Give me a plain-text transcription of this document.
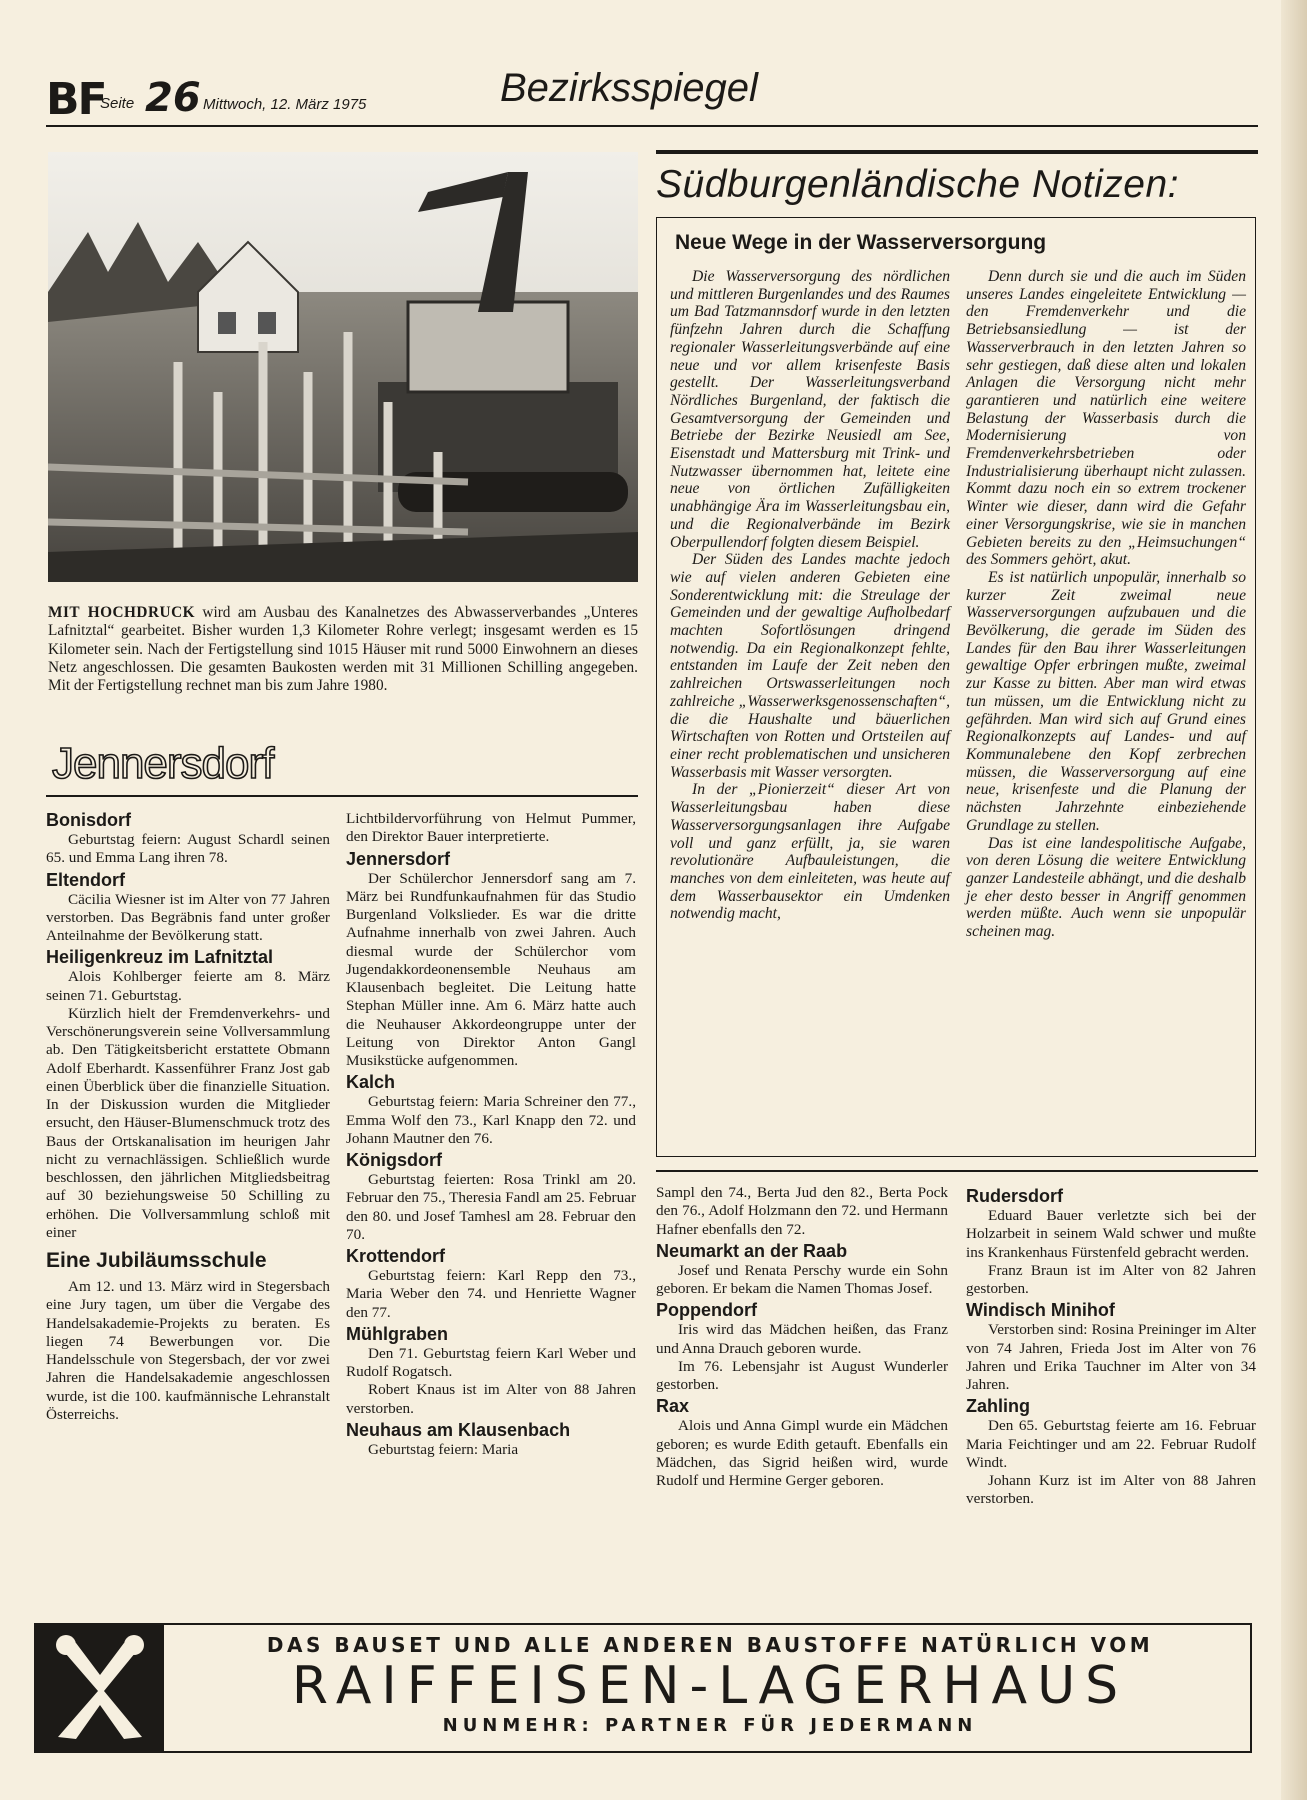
BF
Seite 26 Mittwoch, 12. März 1975	Bezirksspiegel
MIT HOCHDRUCK wird am Ausbau des Kanalnetzes des Abwasserverbandes „Unteres Lafnitztal“ gearbeitet. Bisher wurden 1,3 Kilometer Rohre verlegt; insgesamt werden es 15 Kilometer sein. Nach der Fertigstellung sind 1015 Häuser mit rund 5000 Einwohnern an dieses Netz angeschlossen. Die gesamten Baukosten werden mit 31 Millionen Schilling angegeben. Mit der Fertigstellung rechnet man bis zum Jahre 1980.
Jennersdorf
Bonisdorf

Geburtstag feiern: August Schardl seinen 65. und Emma Lang ihren 78.

Eltendorf

Cäcilia Wiesner ist im Alter von 77 Jahren verstorben. Das Begräbnis fand unter großer Anteilnahme der Bevölkerung statt.

Heiligenkreuz im Lafnitztal

Alois Kohlberger feierte am 8. März seinen 71. Geburtstag.

Kürzlich hielt der Fremdenverkehrs- und Verschönerungsverein seine Vollversammlung ab. Den Tätigkeitsbericht erstattete Obmann Adolf Eberhardt. Kassenführer Franz Jost gab einen Überblick über die finanzielle Situation. In der Diskussion wurden die Mitglieder ersucht, den Häuser-Blumenschmuck trotz des Baus der Ortskanalisation im heurigen Jahr nicht zu vernachlässigen. Schließlich wurde beschlossen, den jährlichen Mitgliedsbeitrag auf 30 beziehungsweise 50 Schilling zu erhöhen. Die Vollversammlung schloß mit einer

Eine Jubiläumsschule

Am 12. und 13. März wird in Stegersbach eine Jury tagen, um über die Vergabe des Handelsakademie-Projekts zu beraten. Es liegen 74 Bewerbungen vor. Die Handelsschule von Stegersbach, der vor zwei Jahren die Handelsakademie angeschlossen wurde, ist die 100. kaufmännische Lehranstalt Österreichs.

Lichtbildervorführung von Helmut Pummer, den Direktor Bauer interpretierte.

Jennersdorf

Der Schülerchor Jennersdorf sang am 7. März bei Rundfunkaufnahmen für das Studio Burgenland Volkslieder. Es war die dritte Aufnahme innerhalb von zwei Jahren. Auch diesmal wurde der Schülerchor vom Jugendakkordeonensemble Neuhaus am Klausenbach begleitet. Die Leitung hatte Stephan Müller inne. Am 6. März hatte auch die Neuhauser Akkordeongruppe unter der Leitung von Direktor Anton Gangl Musikstücke aufgenommen.

Kalch

Geburtstag feiern: Maria Schreiner den 77., Emma Wolf den 73., Karl Knapp den 72. und Johann Mautner den 76.

Königsdorf

Geburtstag feierten: Rosa Trinkl am 20. Februar den 75., Theresia Fandl am 25. Februar den 80. und Josef Tamhesl am 28. Februar den 70.

Krottendorf

Geburtstag feiern: Karl Repp den 73., Maria Weber den 74. und Henriette Wagner den 77.

Mühlgraben

Den 71. Geburtstag feiern Karl Weber und Rudolf Rogatsch.

Robert Knaus ist im Alter von 88 Jahren verstorben.

Neuhaus am Klausenbach

Geburtstag feiern: Maria

Südburgenländische Notizen:
Neue Wege in der Wasserversorgung

Die Wasserversorgung des nördlichen und mittleren Burgenlandes und des Raumes um Bad Tatzmannsdorf wurde in den letzten fünfzehn Jahren durch die Schaffung regionaler Wasserleitungsverbände auf eine neue und vor allem krisenfeste Basis gestellt. Der Wasserleitungsverband Nördliches Burgenland, der faktisch die Gesamtversorgung der Gemeinden und Betriebe der Bezirke Neusiedl am See, Eisenstadt und Mattersburg mit Trink- und Nutzwasser übernommen hat, leitete eine neue von örtlichen Zufälligkeiten unabhängige Ära im Wasserleitungsbau ein, und die Regionalverbände im Bezirk Oberpullendorf folgten diesem Beispiel.

Der Süden des Landes machte jedoch wie auf vielen anderen Gebieten eine Sonderentwicklung mit: die Streulage der Gemeinden und der gewaltige Aufholbedarf machten Sofortlösungen dringend notwendig. Da ein Regionalkonzept fehlte, entstanden im Laufe der Zeit neben den zahlreichen Ortswasserleitungen noch zahlreiche „Wasserwerksgenossenschaften“, die die Haushalte und bäuerlichen Wirtschaften von Rotten und Ortsteilen auf einer recht problematischen und unsicheren Wasserbasis mit Wasser versorgten.

In der „Pionierzeit“ dieser Art von Wasserleitungsbau haben diese Wasserversorgungsanlagen ihre Aufgabe voll und ganz erfüllt, ja, sie waren revolutionäre Aufbauleistungen, die manches von dem einleiteten, was heute auf dem Wasserbausektor ein Umdenken notwendig macht,

Denn durch sie und die auch im Süden unseres Landes eingeleitete Entwicklung — den Fremdenverkehr und die Betriebsansiedlung — ist der Wasserverbrauch in den letzten Jahren so sehr gestiegen, daß diese alten und lokalen Anlagen die Versorgung nicht mehr garantieren und natürlich eine weitere Belastung der Wasserbasis durch die Modernisierung von Fremdenverkehrsbetrieben oder Industrialisierung überhaupt nicht zulassen. Kommt dazu noch ein so extrem trockener Winter wie dieser, dann wird die Gefahr einer Versorgungskrise, wie sie in manchen Gebieten bereits zu den „Heimsuchungen“ des Sommers gehört, akut.

Es ist natürlich unpopulär, innerhalb so kurzer Zeit zweimal neue Wasserversorgungen aufzubauen und die Bevölkerung, die gerade im Süden des Landes für den Bau ihrer Wasserleitungen gewaltige Opfer erbringen mußte, zweimal zur Kasse zu bitten. Aber man wird etwas tun müssen, um die Entwicklung nicht zu gefährden. Man wird sich auf Grund eines Regionalkonzepts auf Landes- und auf Kommunalebene den Kopf zerbrechen müssen, die Wasserversorgung auf eine neue, krisenfeste und die Planung der nächsten Jahrzehnte einbeziehende Grundlage zu stellen.

Das ist eine landespolitische Aufgabe, von deren Lösung die weitere Entwicklung ganzer Landesteile abhängt, und die deshalb je eher desto besser in Angriff genommen werden müßte. Auch wenn sie unpopulär scheinen mag.

Sampl den 74., Berta Jud den 82., Berta Pock den 76., Adolf Holzmann den 72. und Hermann Hafner ebenfalls den 72.

Neumarkt an der Raab

Josef und Renata Perschy wurde ein Sohn geboren. Er bekam die Namen Thomas Josef.

Poppendorf

Iris wird das Mädchen heißen, das Franz und Anna Drauch geboren wurde.

Im 76. Lebensjahr ist August Wunderler gestorben.

Rax

Alois und Anna Gimpl wurde ein Mädchen geboren; es wurde Edith getauft. Ebenfalls ein Mädchen, das Sigrid heißen wird, wurde Rudolf und Hermine Gerger geboren.

Rudersdorf

Eduard Bauer verletzte sich bei der Holzarbeit in seinem Wald schwer und mußte ins Krankenhaus Fürstenfeld gebracht werden.

Franz Braun ist im Alter von 82 Jahren gestorben.

Windisch Minihof

Verstorben sind: Rosina Preininger im Alter von 74 Jahren, Frieda Jost im Alter von 76 Jahren und Erika Tauchner im Alter von 34 Jahren.

Zahling

Den 65. Geburtstag feierte am 16. Februar Maria Feichtinger und am 22. Februar Rudolf Windt.

Johann Kurz ist im Alter von 88 Jahren verstorben.

DAS BAUSET UND ALLE ANDEREN BAUSTOFFE NATÜRLICH VOM
RAIFFEISEN-LAGERHAUS
NUNMEHR: PARTNER FÜR JEDERMANN
